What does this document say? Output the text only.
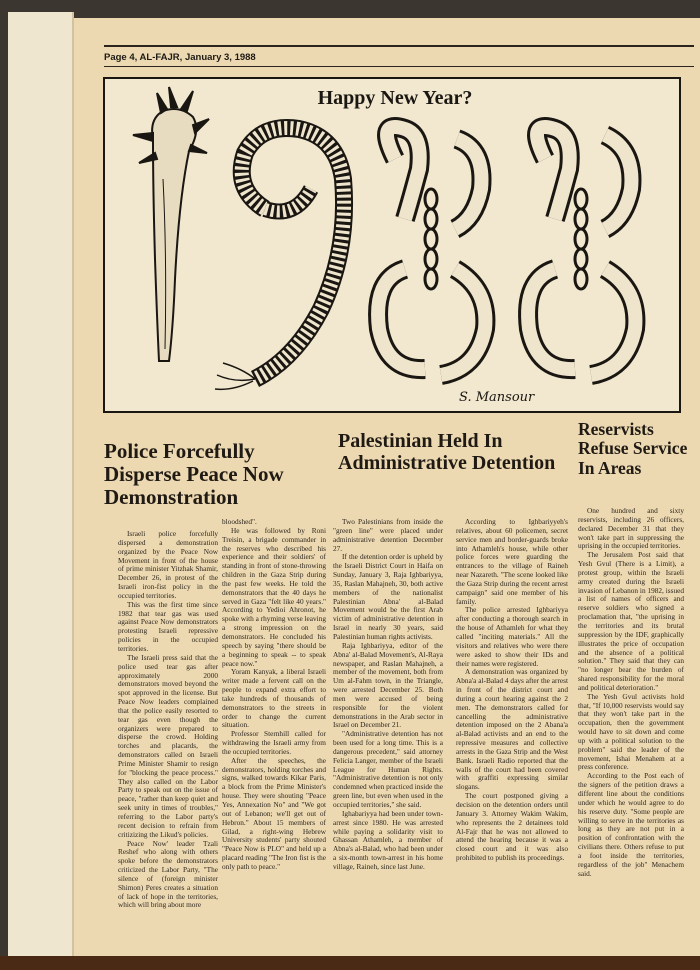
Page 4, AL-FAJR, January 3, 1988
Happy New Year?
S. Mansour
Police Forcefully Disperse Peace Now Demonstration

Israeli police forcefully dispersed a demonstration organized by the Peace Now Movement in front of the house of prime minister Yitzhak Shamir, December 26, in protest of the Israeli iron-fist policy in the occupied territories.

This was the first time since 1982 that tear gas was used against Peace Now demonstrators protesting Israeli repressive policies in the occupied territories.

The Israeli press said that the police used tear gas after approximately 2000 demonstrators moved beyond the spot approved in the license. But Peace Now leaders complained that the police easily resorted to tear gas even though the organizers were prepared to disperse the crowd. Holding torches and placards, the demonstrators called on Israeli Prime Minister Shamir to resign for "blocking the peace process." They also called on the Labor Party to speak out on the issue of peace, "rather than keep quiet and seek unity in times of troubles," referring to the Labor party's recent decision to refrain from critizizing the Likud's policies.

Peace Now' leader Tzali Reshef who along with others spoke before the demonstrators criticized the Labor Party, "The silence of (foreign minister Shimon) Peres creates a situation of lack of hope in the territories, which will bring about more

bloodshed".

He was followed by Roni Treisin, a brigade commander in the reserves who described his experience and their soldiers' of standing in front of stone-throwing children in the Gaza Strip during the past few weeks. He told the demonstrators that the 40 days he served in Gaza "felt like 40 years." According to Yedioi Ahronot, he spoke with a rhyming verse leaving a strong impression on the demonstrators. He concluded his speech by saying "there should be a beginning to speak -- to speak peace now."

Yoram Kanyak, a liberal Israeli writer made a fervent call on the people to expand extra effort to take hundreds of thousands of demonstrators to the streets in order to change the current situation.

Professor Sternhill called for withdrawing the Israeli army from the occupied territories.

After the speeches, the demonstrators, holding torches and signs, walked towards Kikar Paris, a block from the Prime Minister's house. They were shouting "Peace Yes, Annexation No" and "We got out of Lebanon; we'll get out of Hebron." About 15 members of Gilad, a right-wing Hebrew University students' party shouted "Peace Now is PLO" and held up a placard reading "The Iron fist is the only path to peace."

Palestinian Held In Administrative Detention

Two Palestinians from inside the "green line" were placed under administrative detention December 27.

If the detention order is upheld by the Israeli District Court in Haifa on Sunday, January 3, Raja Ighbariyya, 35, Raslan Mahajneh, 30, both active members of the nationalist Palestinian Abna' al-Balad Movement would be the first Arab victim of administrative detention in Israel in nearly 30 years, said Palestinian human rights activists.

Raja Ighbariyya, editor of the Abna' al-Balad Movement's, Al-Raya newspaper, and Raslan Mahajneh, a member of the movement, both from Um al-Fahm town, in the Triangle, were arrested December 25. Both men were accused of being responsible for the violent demonstrations in the Arab sector in Israel on December 21.

"Administrative detention has not been used for a long time. This is a dangerous precedent," said attorney Felicia Langer, member of the Israeli League for Human Rights. "Administrative detention is not only condemned when practiced inside the green line, but even when used in the occupied territories," she said.

Ighabariyya had been under town-arrest since 1980. He was arrested while paying a solidarity visit to Ghassan Athamleh, a member of Abna's al-Balad, who had been under a six-month town-arrest in his home village, Raineh, since last June.

According to Ighbariyyeh's relatives, about 60 policemen, secret service men and border-guards broke into Athamleh's house, while other police forces were guarding the entrances to the village of Raineh near Nazareth. "The scene looked like the Gaza Strip during the recent arrest campaign" said one member of his family.

The police arrested Ighbariyya after conducting a thorough search in the house of Athamleh for what they called "inciting materials." All the visitors and relatives who were there were asked to show their IDs and their names were registered.

A demonstration was organized by Abna'a al-Balad 4 days after the arrest in front of the district court and during a court hearing against the 2 men. The demonstrators called for cancelling the administrative detention imposed on the 2 Abana'a al-Balad activists and an end to the repressive measures and collective arrests in the Gaza Strip and the West Bank. Israeli Radio reported that the walls of the court had been covered with graffiti expressing similar slogans.

The court postponed giving a decision on the detention orders until January 3. Attorney Wakim Wakim, who represents the 2 detainees told Al-Fajr that he was not allowed to attend the hearing because it was a closed court and it was also prohibited to publish its proceedings.

Reservists Refuse Service In Areas

One hundred and sixty reservists, including 26 officers, declared December 31 that they won't take part in suppressing the uprising in the occupied territories.

The Jerusalem Post said that Yesh Gvul (There is a Limit), a protest group, within the Israeli army created during the Israeli invasion of Lebanon in 1982, issued a list of names of officers and reserve soldiers who signed a proclamation that, "the uprising in the territories and its brutal suppression by the IDF, graphically illustrates the price of occupation and the absence of a political solution." They said that they can "no longer bear the burden of shared responsibility for the moral and political deterioration."

The Yesh Gvul activists hold that, "If 10,000 reservists would say that they won't take part in the occupation, then the government would have to sit down and come up with a political solution to the problem" said the leader of the movement, Ishai Menahem at a press conference.

According to the Post each of the signers of the petition draws a different line about the conditions under which he would agree to do his reserve duty. "Some people are willing to serve in the territories as long as they are not put in a position of confrontation with the civilians there. Others refuse to put a foot inside the territories, regardless of the job" Menachem said.
